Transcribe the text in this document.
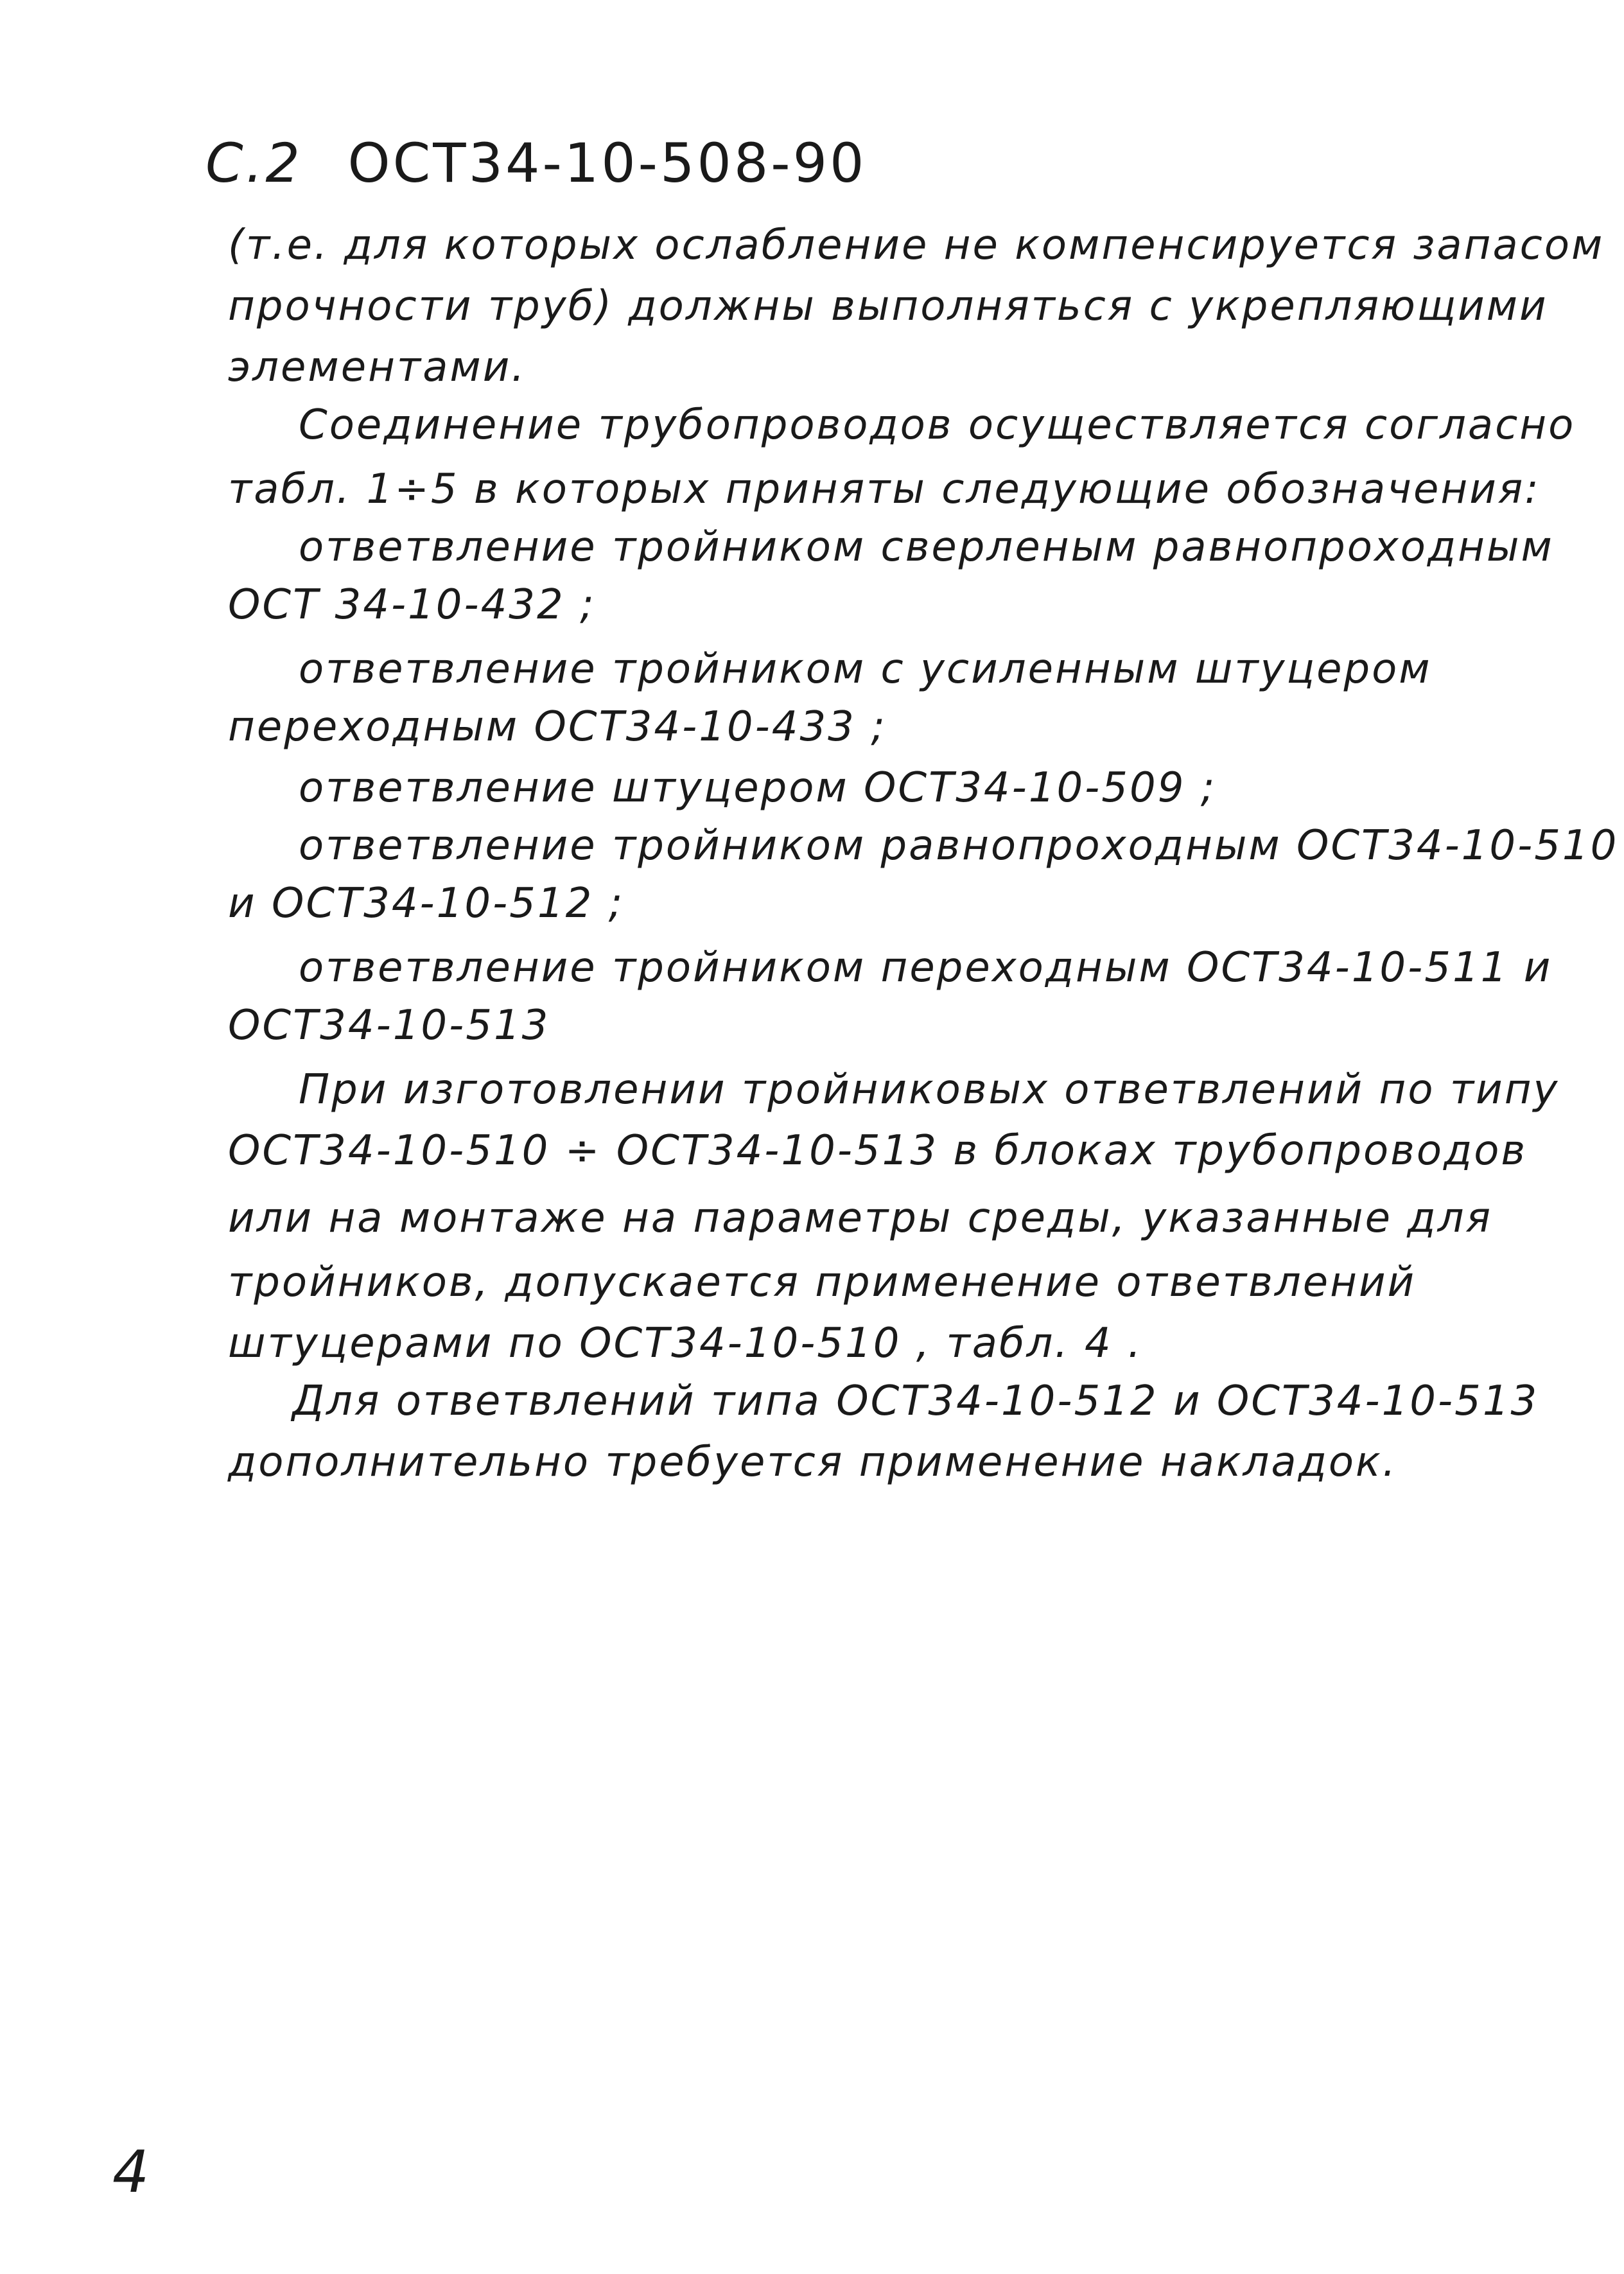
С.2 ОСТ34-10-508-90
(т.е. для которых ослабление не компенсируется запасом
прочности труб) должны выполняться с укрепляющими
элементами.
Соединение трубопроводов осуществляется согласно
табл. 1÷5 в которых приняты следующие обозначения:
ответвление тройником сверленым равнопроходным
ОСТ 34-10-432 ;
ответвление тройником с усиленным штуцером
переходным ОСТ34-10-433 ;
ответвление штуцером ОСТ34-10-509 ;
ответвление тройником равнопроходным ОСТ34-10-510
и ОСТ34-10-512 ;
ответвление тройником переходным ОСТ34-10-511 и
ОСТ34-10-513
При изготовлении тройниковых ответвлений по типу
ОСТ34-10-510 ÷ ОСТ34-10-513 в блоках трубопроводов
или на монтаже на параметры среды, указанные для
тройников, допускается применение ответвлений
штуцерами по ОСТ34-10-510 , табл. 4 .
Для ответвлений типа ОСТ34-10-512 и ОСТ34-10-513
дополнительно требуется применение накладок.
4
